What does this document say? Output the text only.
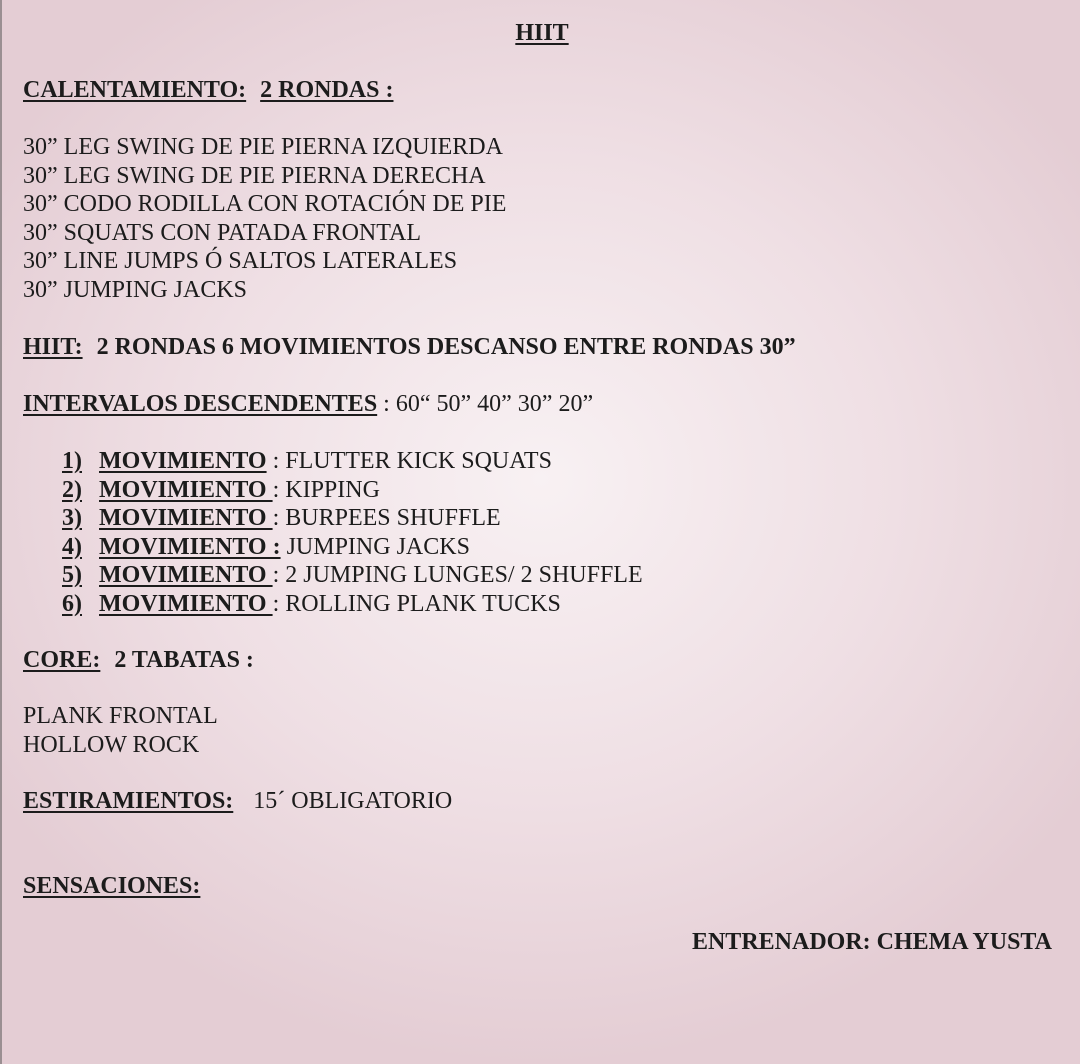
HIIT
CALENTAMIENTO: 2 RONDAS :
30” LEG SWING DE PIE PIERNA IZQUIERDA
30” LEG SWING DE PIE PIERNA DERECHA
30” CODO RODILLA CON ROTACIÓN DE PIE
30” SQUATS CON PATADA FRONTAL
30” LINE JUMPS Ó SALTOS LATERALES
30” JUMPING JACKS
HIIT: 2 RONDAS 6 MOVIMIENTOS DESCANSO ENTRE RONDAS 30”
INTERVALOS DESCENDENTES : 60“ 50” 40” 30” 20”
1) MOVIMIENTO : FLUTTER KICK SQUATS
2) MOVIMIENTO : KIPPING
3) MOVIMIENTO : BURPEES SHUFFLE
4) MOVIMIENTO : JUMPING JACKS
5) MOVIMIENTO : 2 JUMPING LUNGES/ 2 SHUFFLE
6) MOVIMIENTO : ROLLING PLANK TUCKS
CORE: 2 TABATAS :
PLANK FRONTAL
HOLLOW ROCK
ESTIRAMIENTOS: 15´ OBLIGATORIO
SENSACIONES:
ENTRENADOR: CHEMA YUSTA
